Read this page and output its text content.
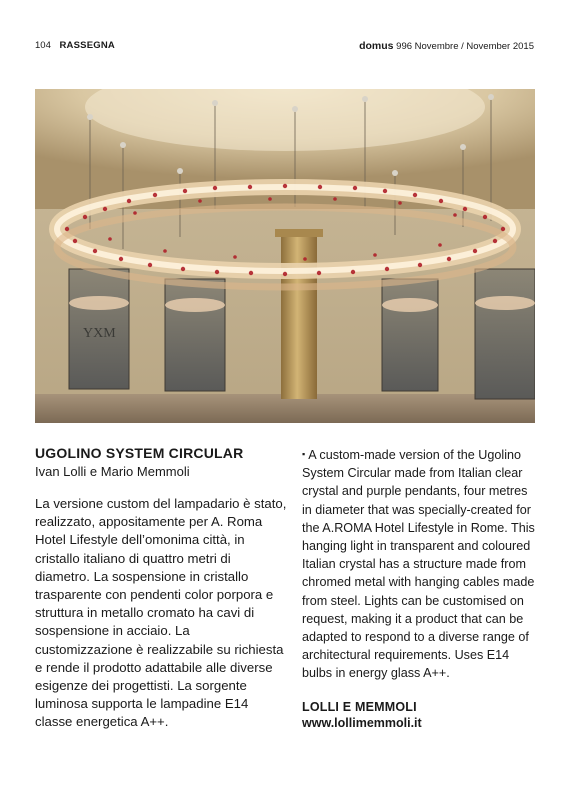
104 RASSEGNA	domus 996 Novembre / November 2015
YXM
UGOLINO SYSTEM CIRCULAR

Ivan Lolli e Mario Memmoli

La versione custom del lampadario è stato, realizzato, appositamente per A. Roma Hotel Lifestyle dell’omonima città, in cristallo italiano di quattro metri di diametro. La sospensione in cristallo trasparente con pendenti color porpora e struttura in metallo cromato ha cavi di sospensione in acciaio. La customizzazione è realizzabile su richiesta e rende il prodotto adattabile alle diverse esigenze dei progettisti. La sorgente luminosa supporta le lampadine E14 classe energetica A++.

▪ A custom-made version of the Ugolino System Circular made from Italian clear crystal and purple pendants, four metres in diameter that was specially-created for the A.ROMA Hotel Lifestyle in Rome. This hanging light in transparent and coloured Italian crystal has a structure made from chromed metal with hanging cables made from steel. Lights can be customised on request, making it a product that can be adapted to respond to a diverse range of architectural requirements. Uses E14 bulbs in energy glass A++.

LOLLI E MEMMOLI

www.lollimemmoli.it
